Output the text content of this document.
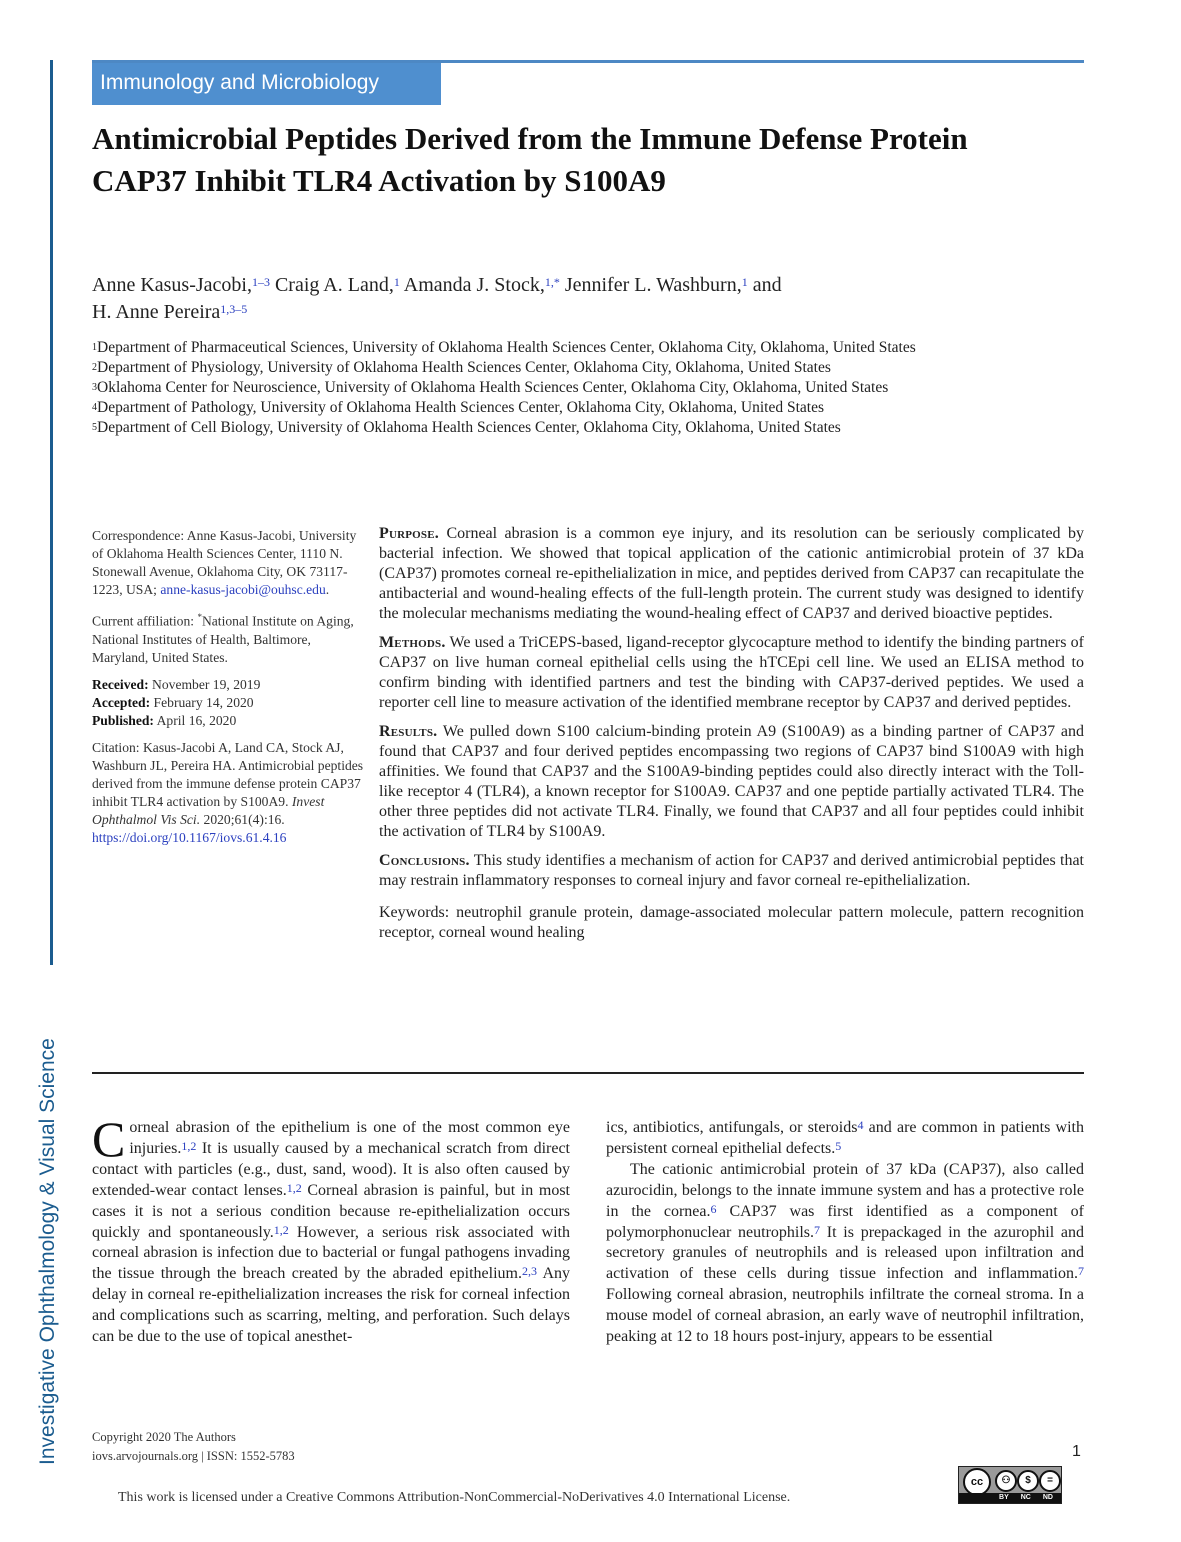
Investigative Ophthalmology & Visual Science
Immunology and Microbiology
Antimicrobial Peptides Derived from the Immune Defense Protein CAP37 Inhibit TLR4 Activation by S100A9
Anne Kasus-Jacobi,$^{1-3}$ Craig A. Land,$^1$ Amanda J. Stock,$^{1,*}$ Jennifer L. Washburn,$^1$ and
H. Anne Pereira$^{1,3-5}$
$^1$Department of Pharmaceutical Sciences, University of Oklahoma Health Sciences Center, Oklahoma City, Oklahoma, United States
$^2$Department of Physiology, University of Oklahoma Health Sciences Center, Oklahoma City, Oklahoma, United States
$^3$Oklahoma Center for Neuroscience, University of Oklahoma Health Sciences Center, Oklahoma City, Oklahoma, United States
$^4$Department of Pathology, University of Oklahoma Health Sciences Center, Oklahoma City, Oklahoma, United States
$^5$Department of Cell Biology, University of Oklahoma Health Sciences Center, Oklahoma City, Oklahoma, United States

Correspondence: Anne Kasus-Jacobi, University of Oklahoma Health Sciences Center, 1110 N. Stonewall Avenue, Oklahoma City, OK 73117-1223, USA; anne-kasus-jacobi@ouhsc.edu.

Current affiliation: *National Institute on Aging, National Institutes of Health, Baltimore, Maryland, United States.

Received: November 19, 2019
Accepted: February 14, 2020
Published: April 16, 2020

Citation: Kasus-Jacobi A, Land CA, Stock AJ, Washburn JL, Pereira HA. Antimicrobial peptides derived from the immune defense protein CAP37 inhibit TLR4 activation by S100A9. Invest Ophthalmol Vis Sci. 2020;61(4):16.
https://doi.org/10.1167/iovs.61.4.16

Purpose. Corneal abrasion is a common eye injury, and its resolution can be seriously complicated by bacterial infection. We showed that topical application of the cationic antimicrobial protein of 37 kDa (CAP37) promotes corneal re-epithelialization in mice, and peptides derived from CAP37 can recapitulate the antibacterial and wound-healing effects of the full-length protein. The current study was designed to identify the molecular mechanisms mediating the wound-healing effect of CAP37 and derived bioactive peptides.

Methods. We used a TriCEPS-based, ligand-receptor glycocapture method to identify the binding partners of CAP37 on live human corneal epithelial cells using the hTCEpi cell line. We used an ELISA method to confirm binding with identified partners and test the binding with CAP37-derived peptides. We used a reporter cell line to measure activation of the identified membrane receptor by CAP37 and derived peptides.

Results. We pulled down S100 calcium-binding protein A9 (S100A9) as a binding partner of CAP37 and found that CAP37 and four derived peptides encompassing two regions of CAP37 bind S100A9 with high affinities. We found that CAP37 and the S100A9-binding peptides could also directly interact with the Toll-like receptor 4 (TLR4), a known receptor for S100A9. CAP37 and one peptide partially activated TLR4. The other three peptides did not activate TLR4. Finally, we found that CAP37 and all four peptides could inhibit the activation of TLR4 by S100A9.

Conclusions. This study identifies a mechanism of action for CAP37 and derived antimicrobial peptides that may restrain inflammatory responses to corneal injury and favor corneal re-epithelialization.

Keywords: neutrophil granule protein, damage-associated molecular pattern molecule, pattern recognition receptor, corneal wound healing

Corneal abrasion of the epithelium is one of the most common eye injuries.$^{1,2}$ It is usually caused by a mechanical scratch from direct contact with particles (e.g., dust, sand, wood). It is also often caused by extended-wear contact lenses.$^{1,2}$ Corneal abrasion is painful, but in most cases it is not a serious condition because re-epithelialization occurs quickly and spontaneously.$^{1,2}$ However, a serious risk associated with corneal abrasion is infection due to bacterial or fungal pathogens invading the tissue through the breach created by the abraded epithelium.$^{2,3}$ Any delay in corneal re-epithelialization increases the risk for corneal infection and complications such as scarring, melting, and perforation. Such delays can be due to the use of topical anesthet-

ics, antibiotics, antifungals, or steroids$^4$ and are common in patients with persistent corneal epithelial defects.$^5$

The cationic antimicrobial protein of 37 kDa (CAP37), also called azurocidin, belongs to the innate immune system and has a protective role in the cornea.$^6$ CAP37 was first identified as a component of polymorphonuclear neutrophils.$^7$ It is prepackaged in the azurophil and secretory granules of neutrophils and is released upon infiltration and activation of these cells during tissue infection and inflammation.$^7$ Following corneal abrasion, neutrophils infiltrate the corneal stroma. In a mouse model of corneal abrasion, an early wave of neutrophil infiltration, peaking at 12 to 18 hours post-injury, appears to be essential

Copyright 2020 The Authors
iovs.arvojournals.org | ISSN: 1552-5783	1
This work is licensed under a Creative Commons Attribution-NonCommercial-NoDerivatives 4.0 International License.
cc	⚇	$	=
BY NC ND
